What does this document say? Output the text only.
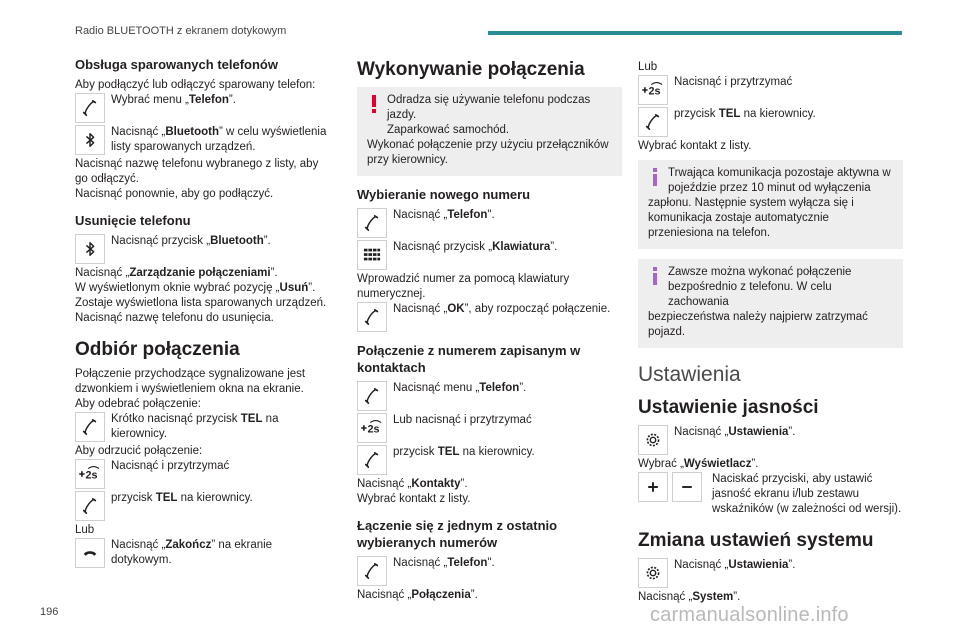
Radio BLUETOOTH z ekranem dotykowym
Obsługa sparowanych telefonów
Aby podłączyć lub odłączyć sparowany telefon:
Wybrać menu „Telefon”.
Nacisnąć „Bluetooth” w celu wyświetlenia listy sparowanych urządzeń.
Nacisnąć nazwę telefonu wybranego z listy, aby go odłączyć.
Nacisnąć ponownie, aby go podłączyć.
Usunięcie telefonu
Nacisnąć przycisk „Bluetooth”.
Nacisnąć „Zarządzanie połączeniami”.
W wyświetlonym oknie wybrać pozycję „Usuń”.
Zostaje wyświetlona lista sparowanych urządzeń.
Nacisnąć nazwę telefonu do usunięcia.
Odbiór połączenia
Połączenie przychodzące sygnalizowane jest dzwonkiem i wyświetleniem okna na ekranie.
Aby odebrać połączenie:
Krótko nacisnąć przycisk TEL na kierownicy.
Aby odrzucić połączenie:
Nacisnąć i przytrzymać
przycisk TEL na kierownicy.
Lub
Nacisnąć „Zakończ” na ekranie dotykowym.
Wykonywanie połączenia
Odradza się używanie telefonu podczas jazdy.
Zaparkować samochód.
Wykonać połączenie przy użyciu przełączników przy kierownicy.
Wybieranie nowego numeru
Nacisnąć „Telefon".
Nacisnąć przycisk „Klawiatura”.
Wprowadzić numer za pomocą klawiatury numerycznej.
Nacisnąć „OK”, aby rozpocząć połączenie.
Połączenie z numerem zapisanym w kontaktach
Nacisnąć menu „Telefon”.
Lub nacisnąć i przytrzymać
przycisk TEL na kierownicy.
Nacisnąć „Kontakty”.
Wybrać kontakt z listy.
Łączenie się z jednym z ostatnio wybieranych numerów
Nacisnąć „Telefon".
Nacisnąć „Połączenia”.
Lub
Nacisnąć i przytrzymać
przycisk TEL na kierownicy.
Wybrać kontakt z listy.
Trwająca komunikacja pozostaje aktywna w pojeździe przez 10 minut od wyłączenia
zapłonu. Następnie system wyłącza się i komunikacja zostaje automatycznie przeniesiona na telefon.
Zawsze można wykonać połączenie bezpośrednio z telefonu. W celu zachowania
bezpieczeństwa należy najpierw zatrzymać pojazd.
Ustawienia
Ustawienie jasności
Nacisnąć „Ustawienia”.
Wybrać „Wyświetlacz”.
Naciskać przyciski, aby ustawić jasność ekranu i/lub zestawu wskaźników (w zależności od wersji).
Zmiana ustawień systemu
Nacisnąć „Ustawienia”.
Nacisnąć „System”.
196	carmanualsonline.info
